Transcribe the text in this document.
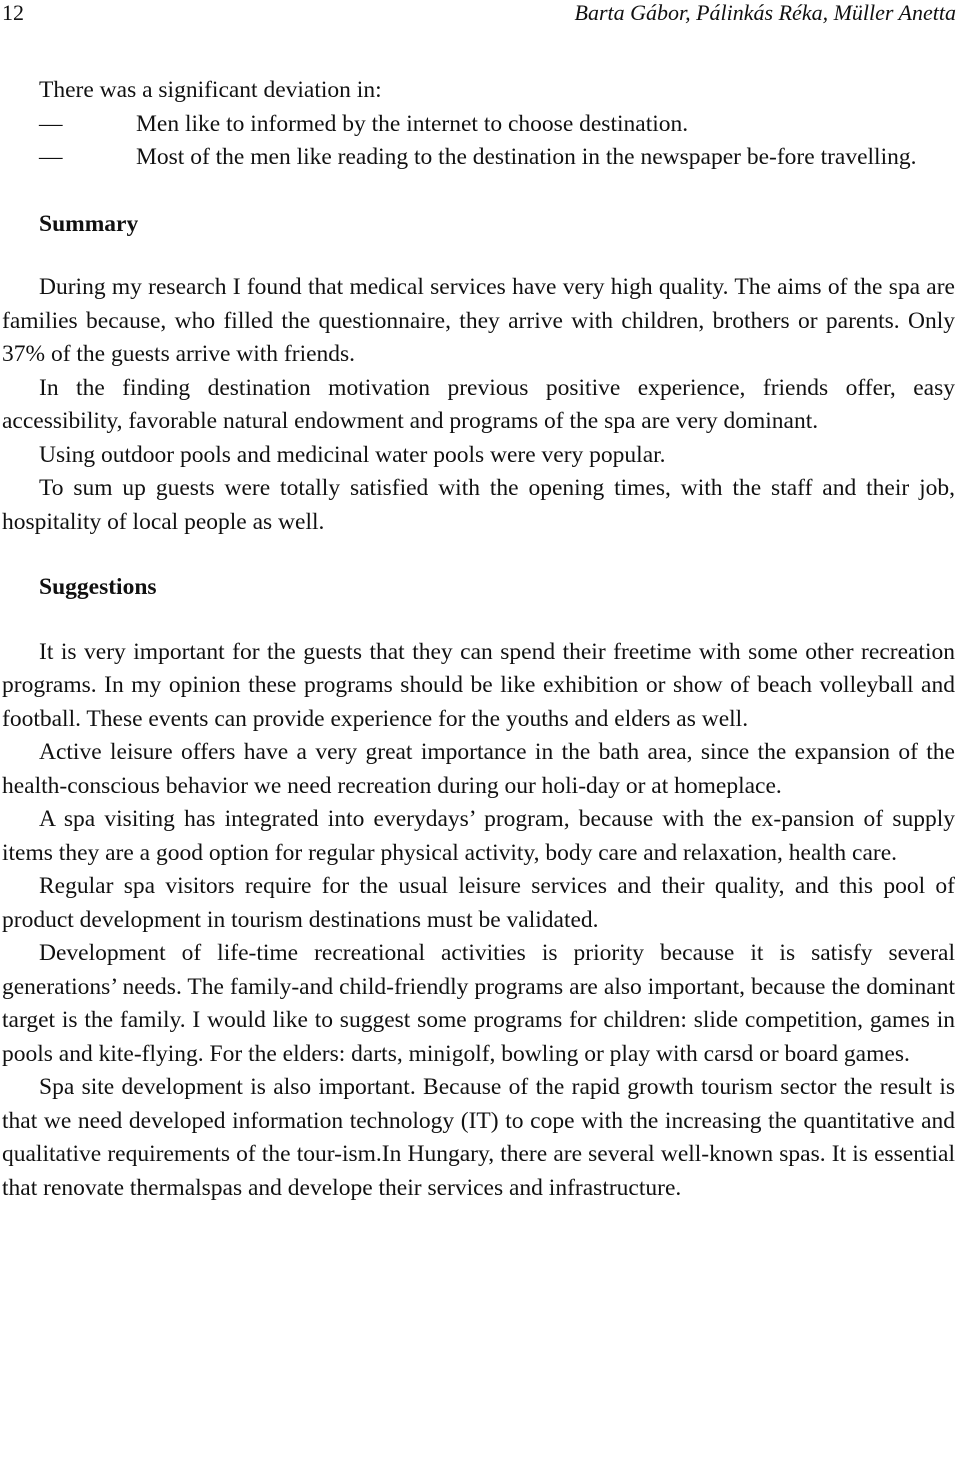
12	Barta Gábor, Pálinkás Réka, Müller Anetta
There was a significant deviation in:
—	Men like to informed by the internet to choose destination.
—	Most of the men like reading to the destination in the newspaper be-fore travelling.
Summary

During my research I found that medical services have very high quality. The aims of the spa are families because, who filled the questionnaire, they arrive with children, brothers or parents. Only 37% of the guests arrive with friends.

In the finding destination motivation previous positive experience, friends offer, easy accessibility, favorable natural endowment and programs of the spa are very dominant.

Using outdoor pools and medicinal water pools were very popular.

To sum up guests were totally satisfied with the opening times, with the staff and their job, hospitality of local people as well.

Suggestions

It is very important for the guests that they can spend their freetime with some other recreation programs. In my opinion these programs should be like exhibition or show of beach volleyball and football. These events can provide experience for the youths and elders as well.

Active leisure offers have a very great importance in the bath area, since the expansion of the health-conscious behavior we need recreation during our holi-day or at homeplace.

A spa visiting has integrated into everydays’ program, because with the ex-pansion of supply items they are a good option for regular physical activity, body care and relaxation, health care.

Regular spa visitors require for the usual leisure services and their quality, and this pool of product development in tourism destinations must be validated.

Development of life-time recreational activities is priority because it is satisfy several generations’ needs. The family-and child-friendly programs are also important, because the dominant target is the family. I would like to suggest some programs for children: slide competition, games in pools and kite-flying. For the elders: darts, minigolf, bowling or play with carsd or board games.

Spa site development is also important. Because of the rapid growth tourism sector the result is that we need developed information technology (IT) to cope with the increasing the quantitative and qualitative requirements of the tour-ism.In Hungary, there are several well-known spas. It is essential that renovate thermalspas and develope their services and infrastructure.
